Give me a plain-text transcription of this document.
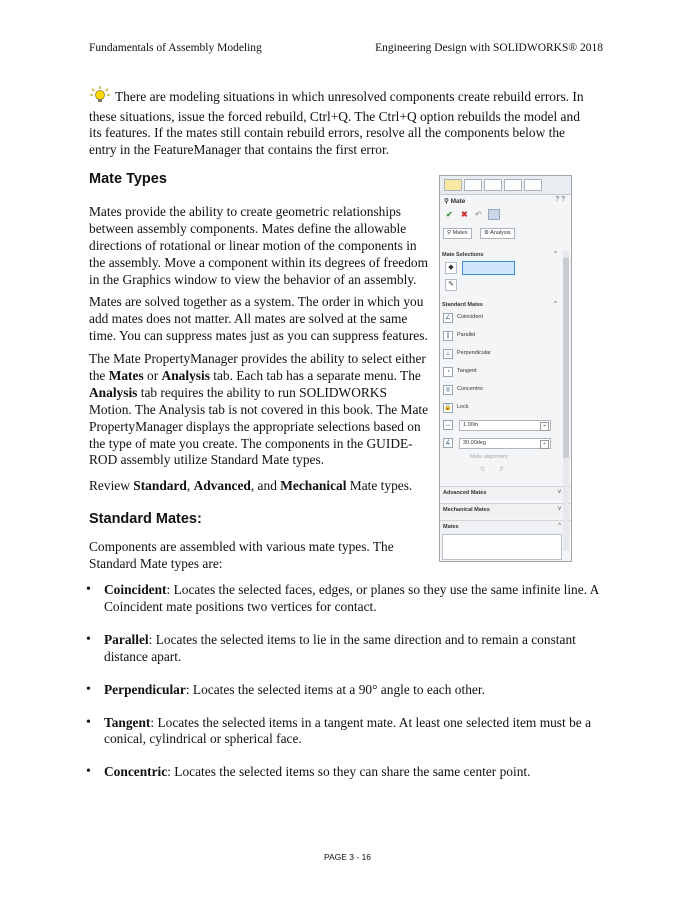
Fundamentals of Assembly Modeling	Engineering Design with SOLIDWORKS® 2018
There are modeling situations in which unresolved components create rebuild errors. In these situations, issue the forced rebuild, Ctrl+Q. The Ctrl+Q option rebuilds the model and its features. If the mates still contain rebuild errors, resolve all the components below the entry in the FeatureManager that contains the first error.
Mate Types

Mates provide the ability to create geometric relationships between assembly components. Mates define the allowable directions of rotational or linear motion of the components in the assembly. Move a component within its degrees of freedom in the Graphics window to view the behavior of an assembly.

Mates are solved together as a system. The order in which you add mates does not matter. All mates are solved at the same time. You can suppress mates just as you can suppress features.

The Mate PropertyManager provides the ability to select either the Mates or Analysis tab. Each tab has a separate menu. The Analysis tab requires the ability to run SOLIDWORKS Motion. The Analysis tab is not covered in this book. The Mate PropertyManager displays the appropriate selections based on the type of mate you create. The components in the GUIDE-ROD assembly utilize Standard Mate types.

Review Standard, Advanced, and Mechanical Mate types.

Standard Mates:

Components are assembled with various mate types. The Standard Mate types are:

• Coincident: Locates the selected faces, edges, or planes so they use the same infinite line. A Coincident mate positions two vertices for contact.
• Parallel: Locates the selected items to lie in the same direction and to remain a constant distance apart.
• Perpendicular: Locates the selected items at a 90° angle to each other.
• Tangent: Locates the selected items in a tangent mate. At least one selected item must be a conical, cylindrical or spherical face.
• Concentric: Locates the selected items so they can share the same center point.
⚲ Mate	? ?
✔ ✖ ↶
⚲ Mates	⚙ Analysis
Mate Selections	^
◆
✎
Standard Mates	^
∠	Coincident
∥	Parallel
⊥	Perpendicular
◔	Tangent
◎	Concentric
🔒 Lock
↔	1.00in	÷
∡	30.00deg	÷
Mate alignment:
⇅ ⇵
Advanced Mates	v
Mechanical Mates	v
Mates	^
PAGE 3 - 16
